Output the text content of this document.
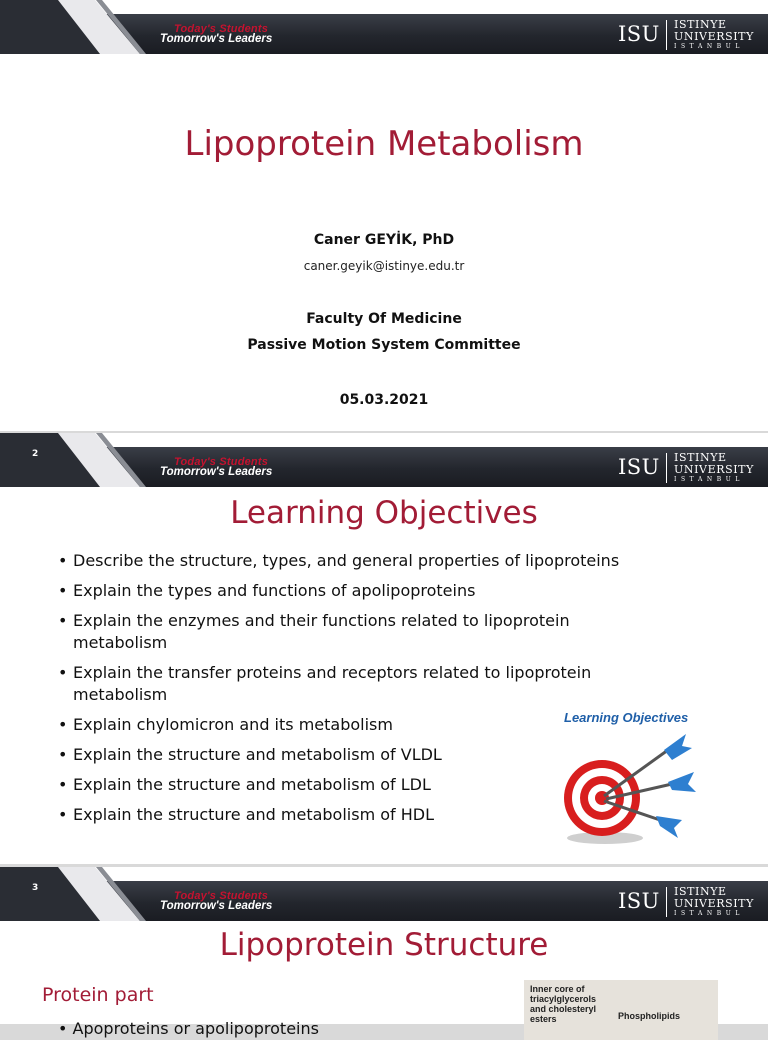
Today's Students
Tomorrow's Leaders	ISU ISTINYE
UNIVERSITY
ISTANBUL
Lipoprotein Metabolism
Caner GEYİK, PhD
caner.geyik@istinye.edu.tr
Faculty Of Medicine
Passive Motion System Committee
05.03.2021
2
Today's Students
Tomorrow's Leaders	ISU ISTINYE
UNIVERSITY
ISTANBUL
Learning Objectives
• Describe the structure, types, and general properties of lipoproteins
• Explain the types and functions of apolipoproteins
• Explain the enzymes and their functions related to lipoprotein metabolism
• Explain the transfer proteins and receptors related to lipoprotein metabolism
• Explain chylomicron and its metabolism
• Explain the structure and metabolism of VLDL
• Explain the structure and metabolism of LDL
• Explain the structure and metabolism of HDL
Learning Objectives
3
Today's Students
Tomorrow's Leaders	ISU ISTINYE
UNIVERSITY
ISTANBUL
Lipoprotein Structure
Protein part
• Apoproteins or apolipoproteins
Inner core of triacylglycerols and cholesteryl esters	Phospholipids
